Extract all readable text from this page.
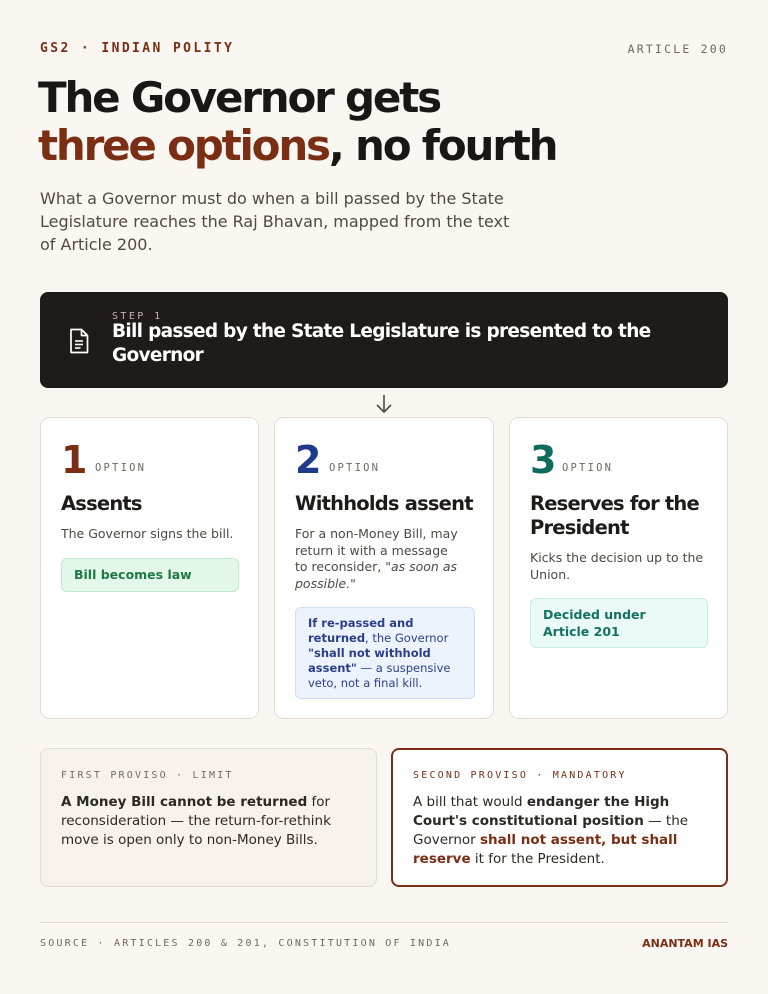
GS2 · INDIAN POLITY	ARTICLE 200
The Governor gets
three options, no fourth

What a Governor must do when a bill passed by the State Legislature reaches the Raj Bhavan, mapped from the text of Article 200.

STEP 1
Bill passed by the State Legislature is presented to the Governor
1 OPTION
Assents
The Governor signs the bill.
Bill becomes law
2 OPTION
Withholds assent
For a non-Money Bill, may return it with a message to reconsider, "as soon as possible."
If re-passed and returned, the Governor "shall not withhold assent" — a suspensive veto, not a final kill.
3 OPTION
Reserves for the President
Kicks the decision up to the Union.
Decided under Article 201
FIRST PROVISO · LIMIT
A Money Bill cannot be returned for reconsideration — the return-for-rethink move is open only to non-Money Bills.
SECOND PROVISO · MANDATORY
A bill that would endanger the High Court's constitutional position — the Governor shall not assent, but shall reserve it for the President.
SOURCE · ARTICLES 200 & 201, CONSTITUTION OF INDIA	ANANTAM IAS
